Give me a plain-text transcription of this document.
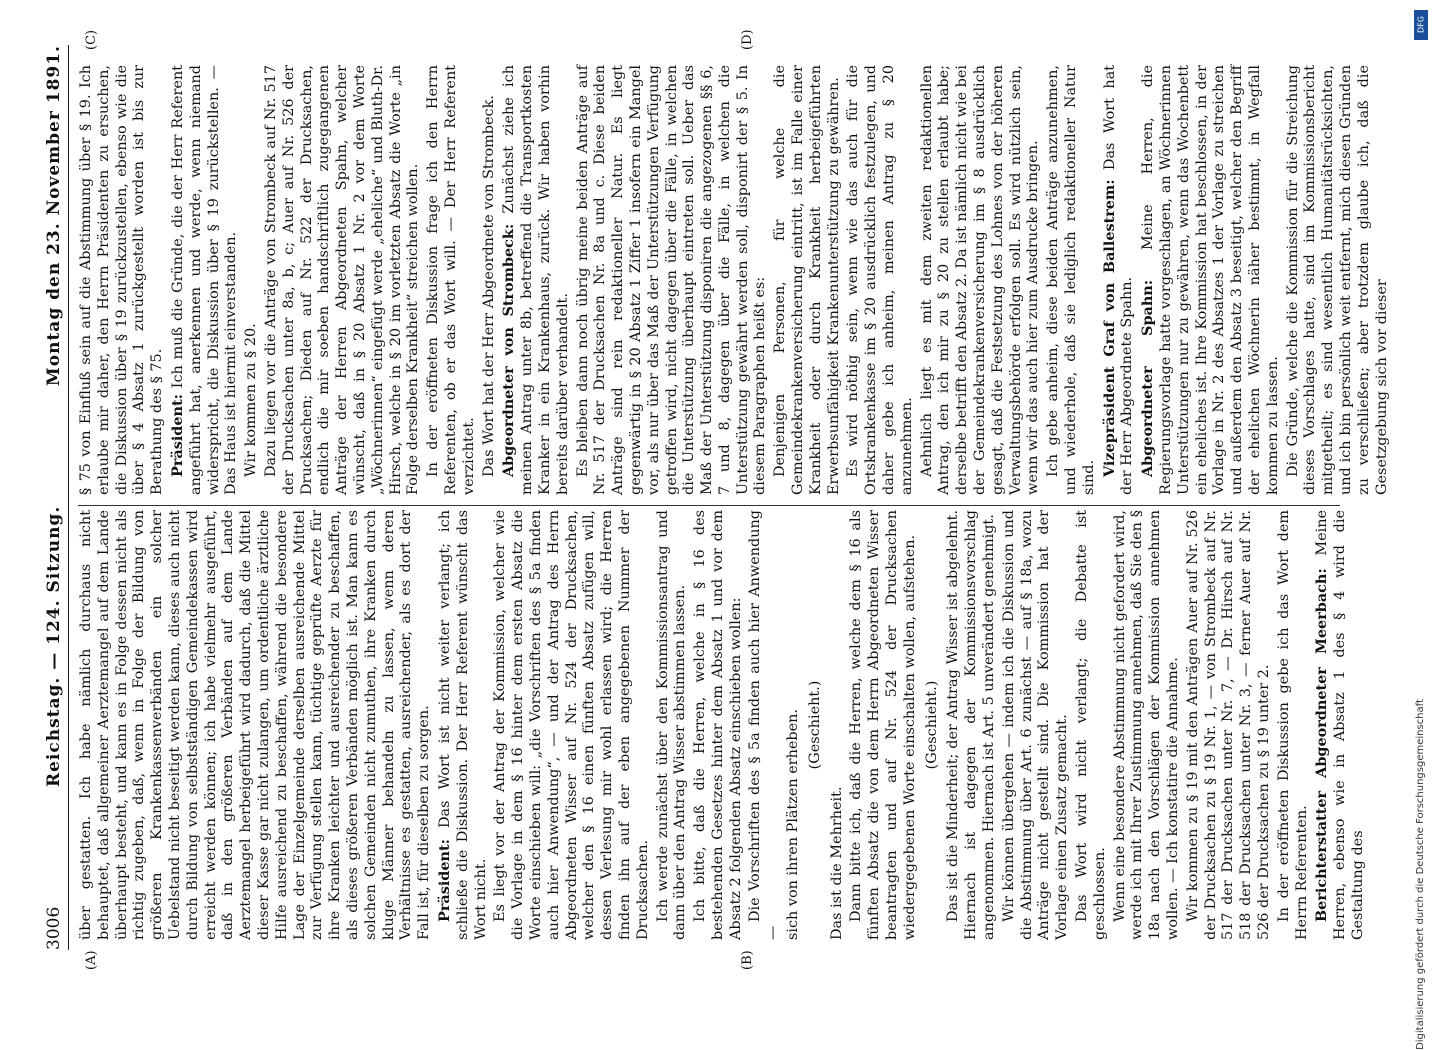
3006
Reichstag. — 124. Sitzung.
Montag den 23. November 1891.
(A)	(B)
(C)	(D)

über gestatten. Ich habe nämlich durchaus nicht behauptet, daß allgemeiner Aerztemangel auf dem Lande überhaupt besteht, und kann es in Folge dessen nicht als richtig zugeben, daß, wenn in Folge der Bildung von größeren Krankenkassenverbänden ein solcher Uebelstand nicht beseitigt werden kann, dieses auch nicht durch Bildung von selbstständigen Gemeindekassen wird erreicht werden können; ich habe vielmehr ausgeführt, daß in den größeren Verbänden auf dem Lande Aerztemangel herbeigeführt wird dadurch, daß die Mittel dieser Kasse gar nicht zulangen, um ordentliche ärztliche Hilfe ausreichend zu beschaffen, während die besondere Lage der Einzelgemeinde derselben ausreichende Mittel zur Verfügung stellen kann, tüchtige geprüfte Aerzte für ihre Kranken leichter und ausreichender zu beschaffen, als dieses größeren Verbänden möglich ist. Man kann es solchen Gemeinden nicht zumuthen, ihre Kranken durch kluge Männer behandeln zu lassen, wenn deren Verhältnisse es gestatten, ausreichender, als es dort der Fall ist, für dieselben zu sorgen. Präsident: Das Wort ist nicht weiter verlangt; ich schließe die Diskussion. Der Herr Referent wünscht das Wort nicht. Es liegt vor der Antrag der Kommission, welcher wie die Vorlage in dem § 16 hinter dem ersten Absatz die Worte einschieben will: „die Vorschriften des § 5a finden auch hier Anwendung“, — und der Antrag des Herrn Abgeordneten Wisser auf Nr. 524 der Drucksachen, welcher den § 16 einen fünften Absatz zufügen will, dessen Verlesung mir wohl erlassen wird; die Herren finden ihn auf der eben angegebenen Nummer der Drucksachen. Ich werde zunächst über den Kommissionsantrag und dann über den Antrag Wisser abstimmen lassen. Ich bitte, daß die Herren, welche in § 16 des bestehenden Gesetzes hinter dem Absatz 1 und vor dem Absatz 2 folgenden Absatz einschieben wollen: Die Vorschriften des § 5a finden auch hier Anwendung — sich von ihren Plätzen erheben. (Geschieht.)

Das ist die Mehrheit. Dann bitte ich, daß die Herren, welche dem § 16 als fünften Absatz die von dem Herrn Abgeordneten Wisser beantragten und auf Nr. 524 der Drucksachen wiedergegebenen Worte einschalten wollen, aufstehen. (Geschieht.) Das ist die Minderheit; der Antrag Wisser ist abgelehnt. Hiernach ist dagegen der Kommissionsvorschlag angenommen. Hiernach ist Art. 5 unverändert genehmigt. Wir können übergehen — indem ich die Diskussion und die Abstimmung über Art. 6 zunächst — auf § 18a, wozu Anträge nicht gestellt sind. Die Kommission hat der Vorlage einen Zusatz gemacht. Das Wort wird nicht verlangt; die Debatte ist geschlossen. Wenn eine besondere Abstimmung nicht gefordert wird, werde ich mit Ihrer Zustimmung annehmen, daß Sie den § 18a nach den Vorschlägen der Kommission annehmen wollen. — Ich konstatire die Annahme. Wir kommen zu § 19 mit den Anträgen Auer auf Nr. 526 der Drucksachen zu § 19 Nr. 1, — von Strombeck auf Nr. 517 der Drucksachen unter Nr. 7, — Dr. Hirsch auf Nr. 518 der Drucksachen unter Nr. 3, — ferner Auer auf Nr. 526 der Drucksachen zu § 19 unter 2. In der eröffneten Diskussion gebe ich das Wort dem Herrn Referenten. Berichterstatter Abgeordneter Meerbach: Meine Herren, ebenso wie in Absatz 1 des § 4 wird die Gestaltung des

§ 75 von Einfluß sein auf die Abstimmung über § 19. Ich erlaube mir daher, den Herrn Präsidenten zu ersuchen, die Diskussion über § 19 zurückzustellen, ebenso wie die über § 4 Absatz 1 zurückgestellt worden ist bis zur Berathung des § 75. Präsident: Ich muß die Gründe, die der Herr Referent angeführt hat, anerkennen und werde, wenn niemand widerspricht, die Diskussion über § 19 zurückstellen. — Das Haus ist hiermit einverstanden. Wir kommen zu § 20. Dazu liegen vor die Anträge von Strombeck auf Nr. 517 der Drucksachen unter 8a, b, c; Auer auf Nr. 526 der Drucksachen; Dieden auf Nr. 522 der Drucksachen, endlich die mir soeben handschriftlich zugegangenen Anträge der Herren Abgeordneten Spahn, welcher wünscht, daß in § 20 Absatz 1 Nr. 2 vor dem Worte „Wöchnerinnen“ eingefügt werde „eheliche“ und Bluth-Dr. Hirsch, welche in § 20 im vorletzten Absatz die Worte „in Folge derselben Krankheit“ streichen wollen. In der eröffneten Diskussion frage ich den Herrn Referenten, ob er das Wort will. — Der Herr Referent verzichtet. Das Wort hat der Herr Abgeordnete von Strombeck. Abgeordneter von Strombeck: Zunächst ziehe ich meinen Antrag unter 8b, betreffend die Transportkosten Kranker in ein Krankenhaus, zurück. Wir haben vorhin bereits darüber verhandelt. Es bleiben dann noch übrig meine beiden Anträge auf Nr. 517 der Drucksachen Nr. 8a und c. Diese beiden Anträge sind rein redaktioneller Natur. Es liegt gegenwärtig in § 20 Absatz 1 Ziffer 1 insofern ein Mangel vor, als nur über das Maß der Unterstützungen Verfügung getroffen wird, nicht dagegen über die Fälle, in welchen die Unterstützung überhaupt eintreten soll. Ueber das Maß der Unterstützung disponiren die angezogenen §§ 6, 7 und 8, dagegen über die Fälle, in welchen die Unterstützung gewährt werden soll, disponirt der § 5. In diesem Paragraphen heißt es: Denjenigen Personen, für welche die Gemeindekrankenversicherung eintritt, ist im Falle einer Krankheit oder durch Krankheit herbeigeführten Erwerbsunfähigkeit Krankenunterstützung zu gewähren. Es wird nöthig sein, wenn wie das auch für die Ortskrankenkasse im § 20 ausdrücklich festzulegen, und daher gebe ich anheim, meinen Antrag zu § 20 anzunehmen. Aehnlich liegt es mit dem zweiten redaktionellen Antrag, den ich mir zu § 20 zu stellen erlaubt habe; derselbe betrifft den Absatz 2. Da ist nämlich nicht wie bei der Gemeindekrankenversicherung im § 8 ausdrücklich gesagt, daß die Festsetzung des Lohnes von der höheren Verwaltungsbehörde erfolgen soll. Es wird nützlich sein, wenn wir das auch hier zum Ausdrucke bringen. Ich gebe anheim, diese beiden Anträge anzunehmen, und wiederhole, daß sie lediglich redaktioneller Natur sind.

Vizepräsident Graf von Ballestrem: Das Wort hat der Herr Abgeordnete Spahn. Abgeordneter Spahn: Meine Herren, die Regierungsvorlage hatte vorgeschlagen, an Wöchnerinnen Unterstützungen nur zu gewähren, wenn das Wochenbett ein eheliches ist. Ihre Kommission hat beschlossen, in der Vorlage in Nr. 2 des Absatzes 1 der Vorlage zu streichen und außerdem den Absatz 3 beseitigt, welcher den Begriff der ehelichen Wöchnerin näher bestimmt, in Wegfall kommen zu lassen. Die Gründe, welche die Kommission für die Streichung dieses Vorschlages hatte, sind im Kommissionsbericht mitgetheilt; es sind wesentlich Humanitätsrücksichten, und ich bin persönlich weit entfernt, mich diesen Gründen zu verschließen; aber trotzdem glaube ich, daß die Gesetzgebung sich vor dieser

DFG
Digitalisierung gefördert durch die Deutsche Forschungsgemeinschaft
